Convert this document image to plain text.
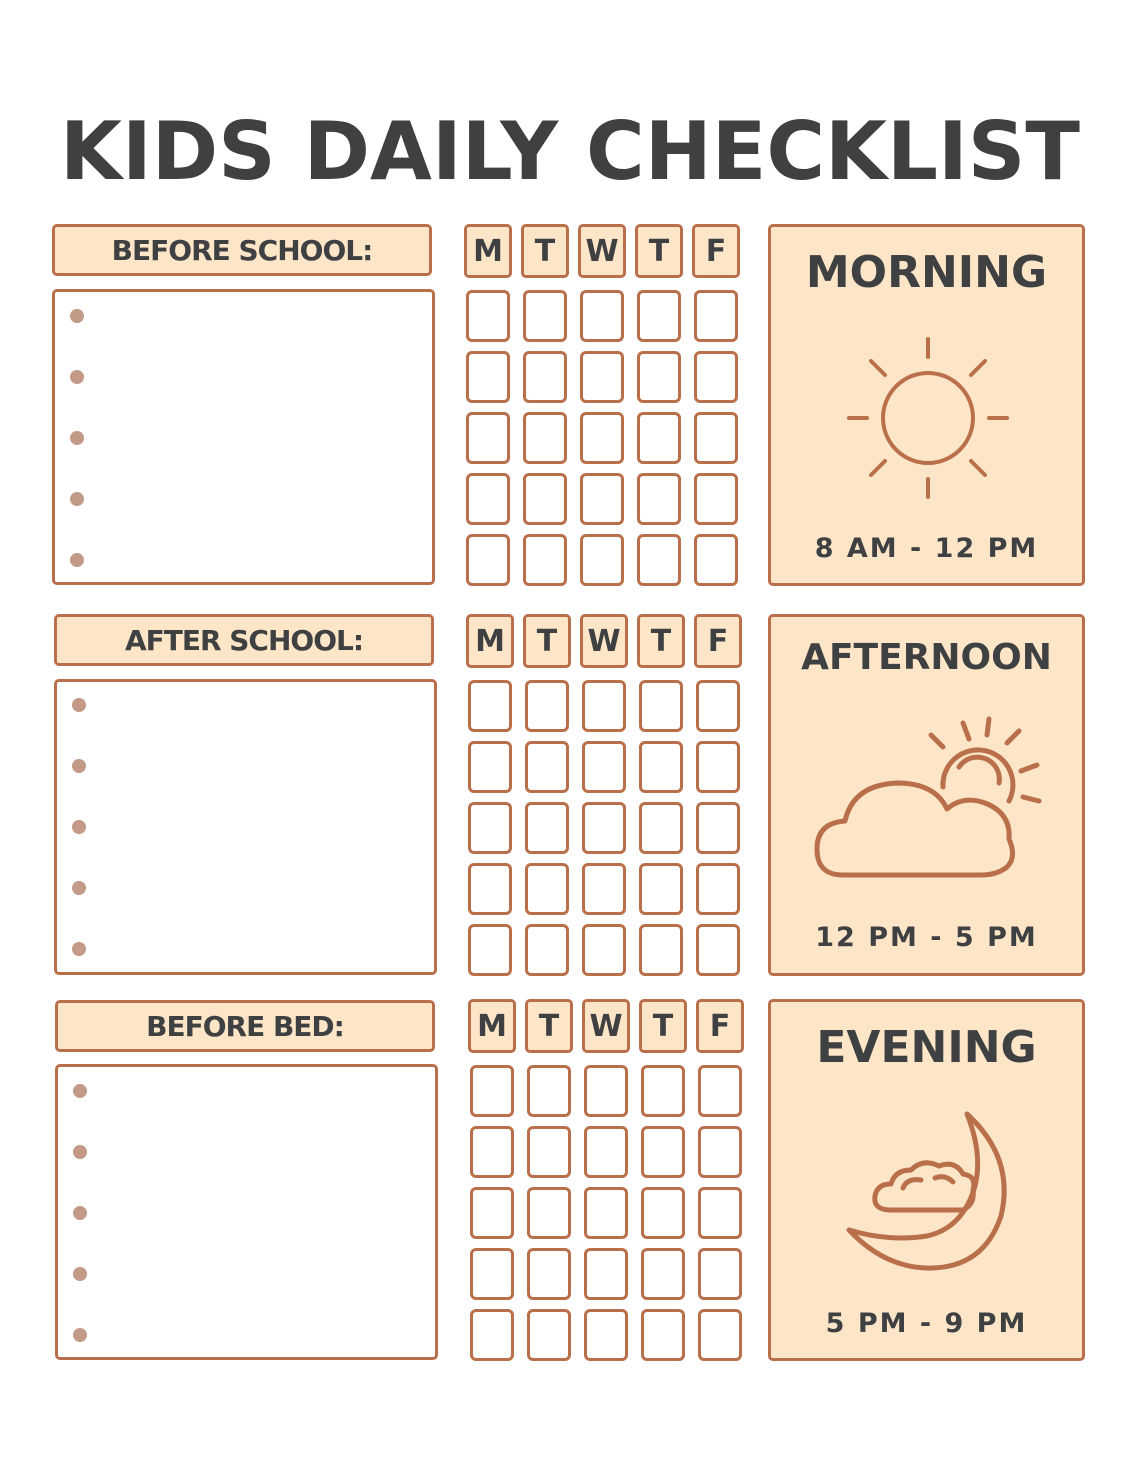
KIDS DAILY CHECKLIST
BEFORE SCHOOL:	M	T	W	T	F	MORNING
8 AM - 12 PM
AFTER SCHOOL:	M	T	W	T	F	AFTERNOON
12 PM - 5 PM
BEFORE BED:	M	T	W	T	F	EVENING
5 PM - 9 PM
